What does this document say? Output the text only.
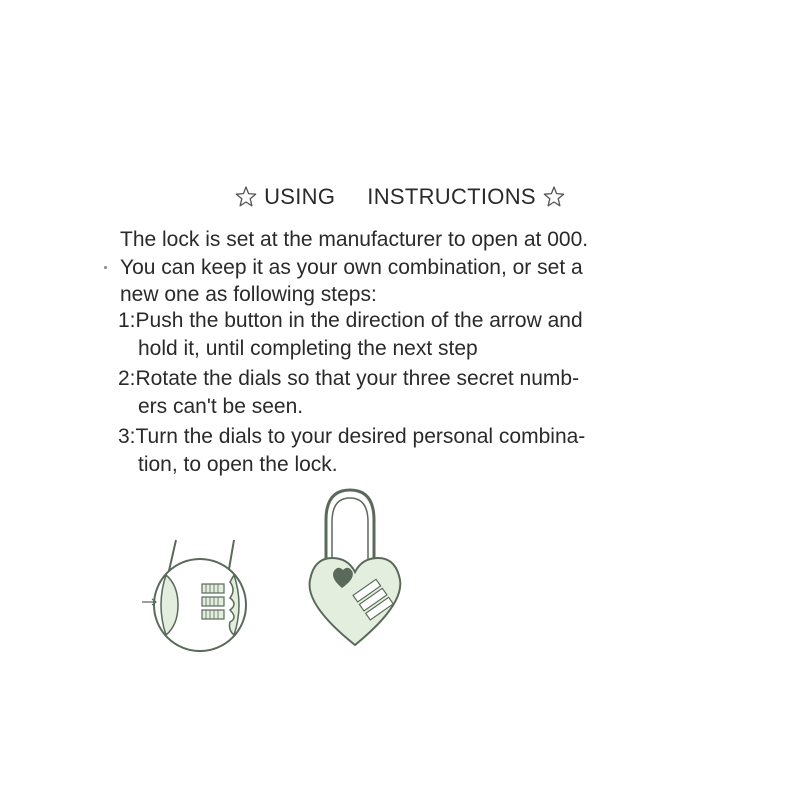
USING INSTRUCTIONS
The lock is set at the manufacturer to open at 000.
You can keep it as your own combination, or set a
new one as following steps:
1:Push the button in the direction of the arrow and
hold it, until completing the next step
2:Rotate the dials so that your three secret numb-
ers can't be seen.
3:Turn the dials to your desired personal combina-
tion, to open the lock.
